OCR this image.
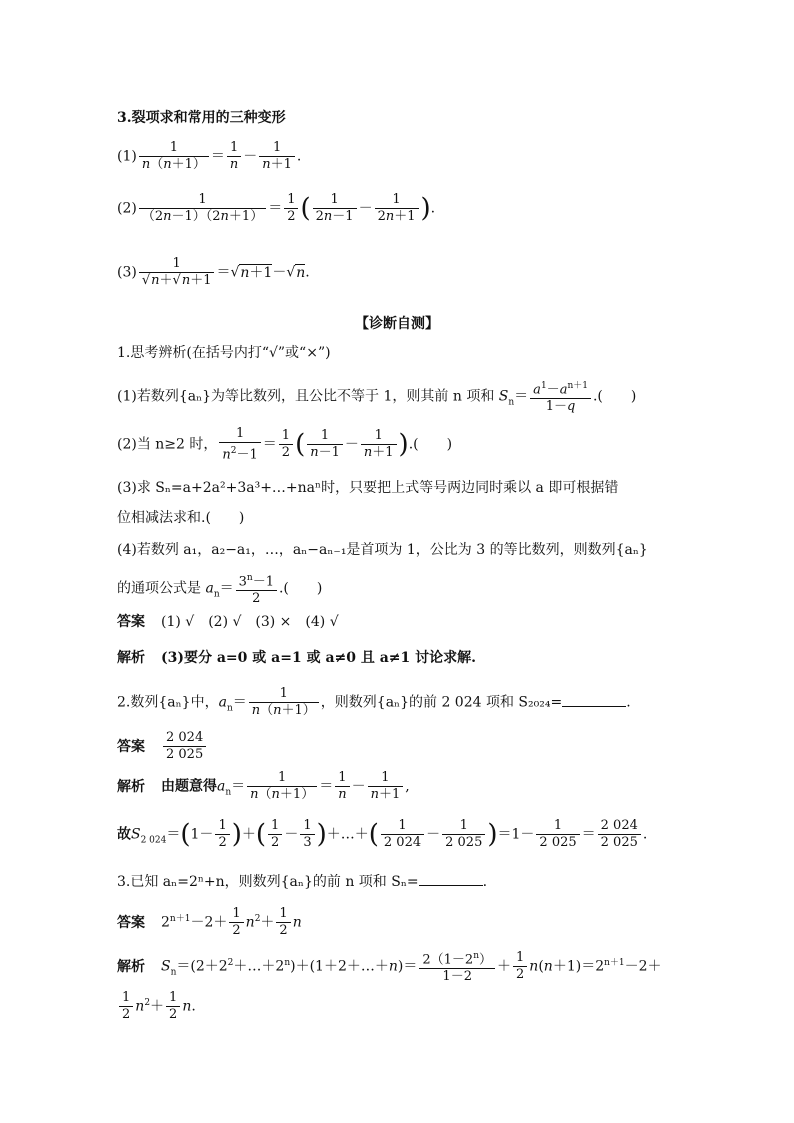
3.裂项求和常用的三种变形
$(1) \frac{1}{n(n+1)} = \frac{1}{n} - \frac{1}{n+1}$ .
$(2) \frac{1}{(2n-1)(2n+1)} = \frac{1}{2}$ ( $\frac{1}{2n-1} - \frac{1}{2n+1}$ ).
$(3) \frac{1}{√n+√n+1} =√n+1-√n$.
【诊断自测】
1.思考辨析(在括号内打“√”或“×”)
(1)若数列{aₙ}为等比数列，且公比不等于 1，则其前 n 项和 $S_n= \frac{a^1-a^{n+1}}{1-q}$ .(　　)
(2)当 n≥2 时， $\frac{1}{n^2-1} = \frac{1}{2}$ ( $\frac{1}{n-1} - \frac{1}{n+1}$ ).(　　)
(3)求 Sₙ=a+2a²+3a³+…+naⁿ时，只要把上式等号两边同时乘以 a 即可根据错
位相减法求和.(　　)
(4)若数列 a₁，a₂−a₁，…，aₙ−aₙ₋₁是首项为 1，公比为 3 的等比数列，则数列{aₙ}
的通项公式是 $a_n= \frac{3^n-1}{2}$ .(　　)
答案 (1) √　(2) √　(3) ×　(4) √
解析 (3)要分 a=0 或 a=1 或 a≠0 且 a≠1 讨论求解.
2.数列{aₙ}中，$a_n= \frac{1}{n(n+1)}$ ，则数列{aₙ}的前 2 024 项和 S₂₀₂₄=	.
答案 $\frac{2 024}{2 025}$
解析 由题意得$a_n= \frac{1}{n(n+1)} = \frac{1}{n} - \frac{1}{n+1}$ ,
故$S_{2 024}=(1- \frac{1}{2}$ )＋( $\frac{1}{2} - \frac{1}{3}$ )＋…＋( $\frac{1}{2 024} - \frac{1}{2 025} )=1- \frac{1}{2 025} = \frac{2 024}{2 025}$ .
3.已知 aₙ=2ⁿ+n，则数列{aₙ}的前 n 项和 Sₙ=	.
答案 $2^{n+1}-2+ \frac{1}{2} n^2+ \frac{1}{2}$ n
解析 $S_n=(2+2^2+\dots+2^n)+(1+2+\dots+n)= \frac{2(1-2^n)}{1-2} + \frac{1}{2} n(n+1)=2^{n+1}-2+$
$\frac{1}{2} n^2+ \frac{1}{2} n$.
